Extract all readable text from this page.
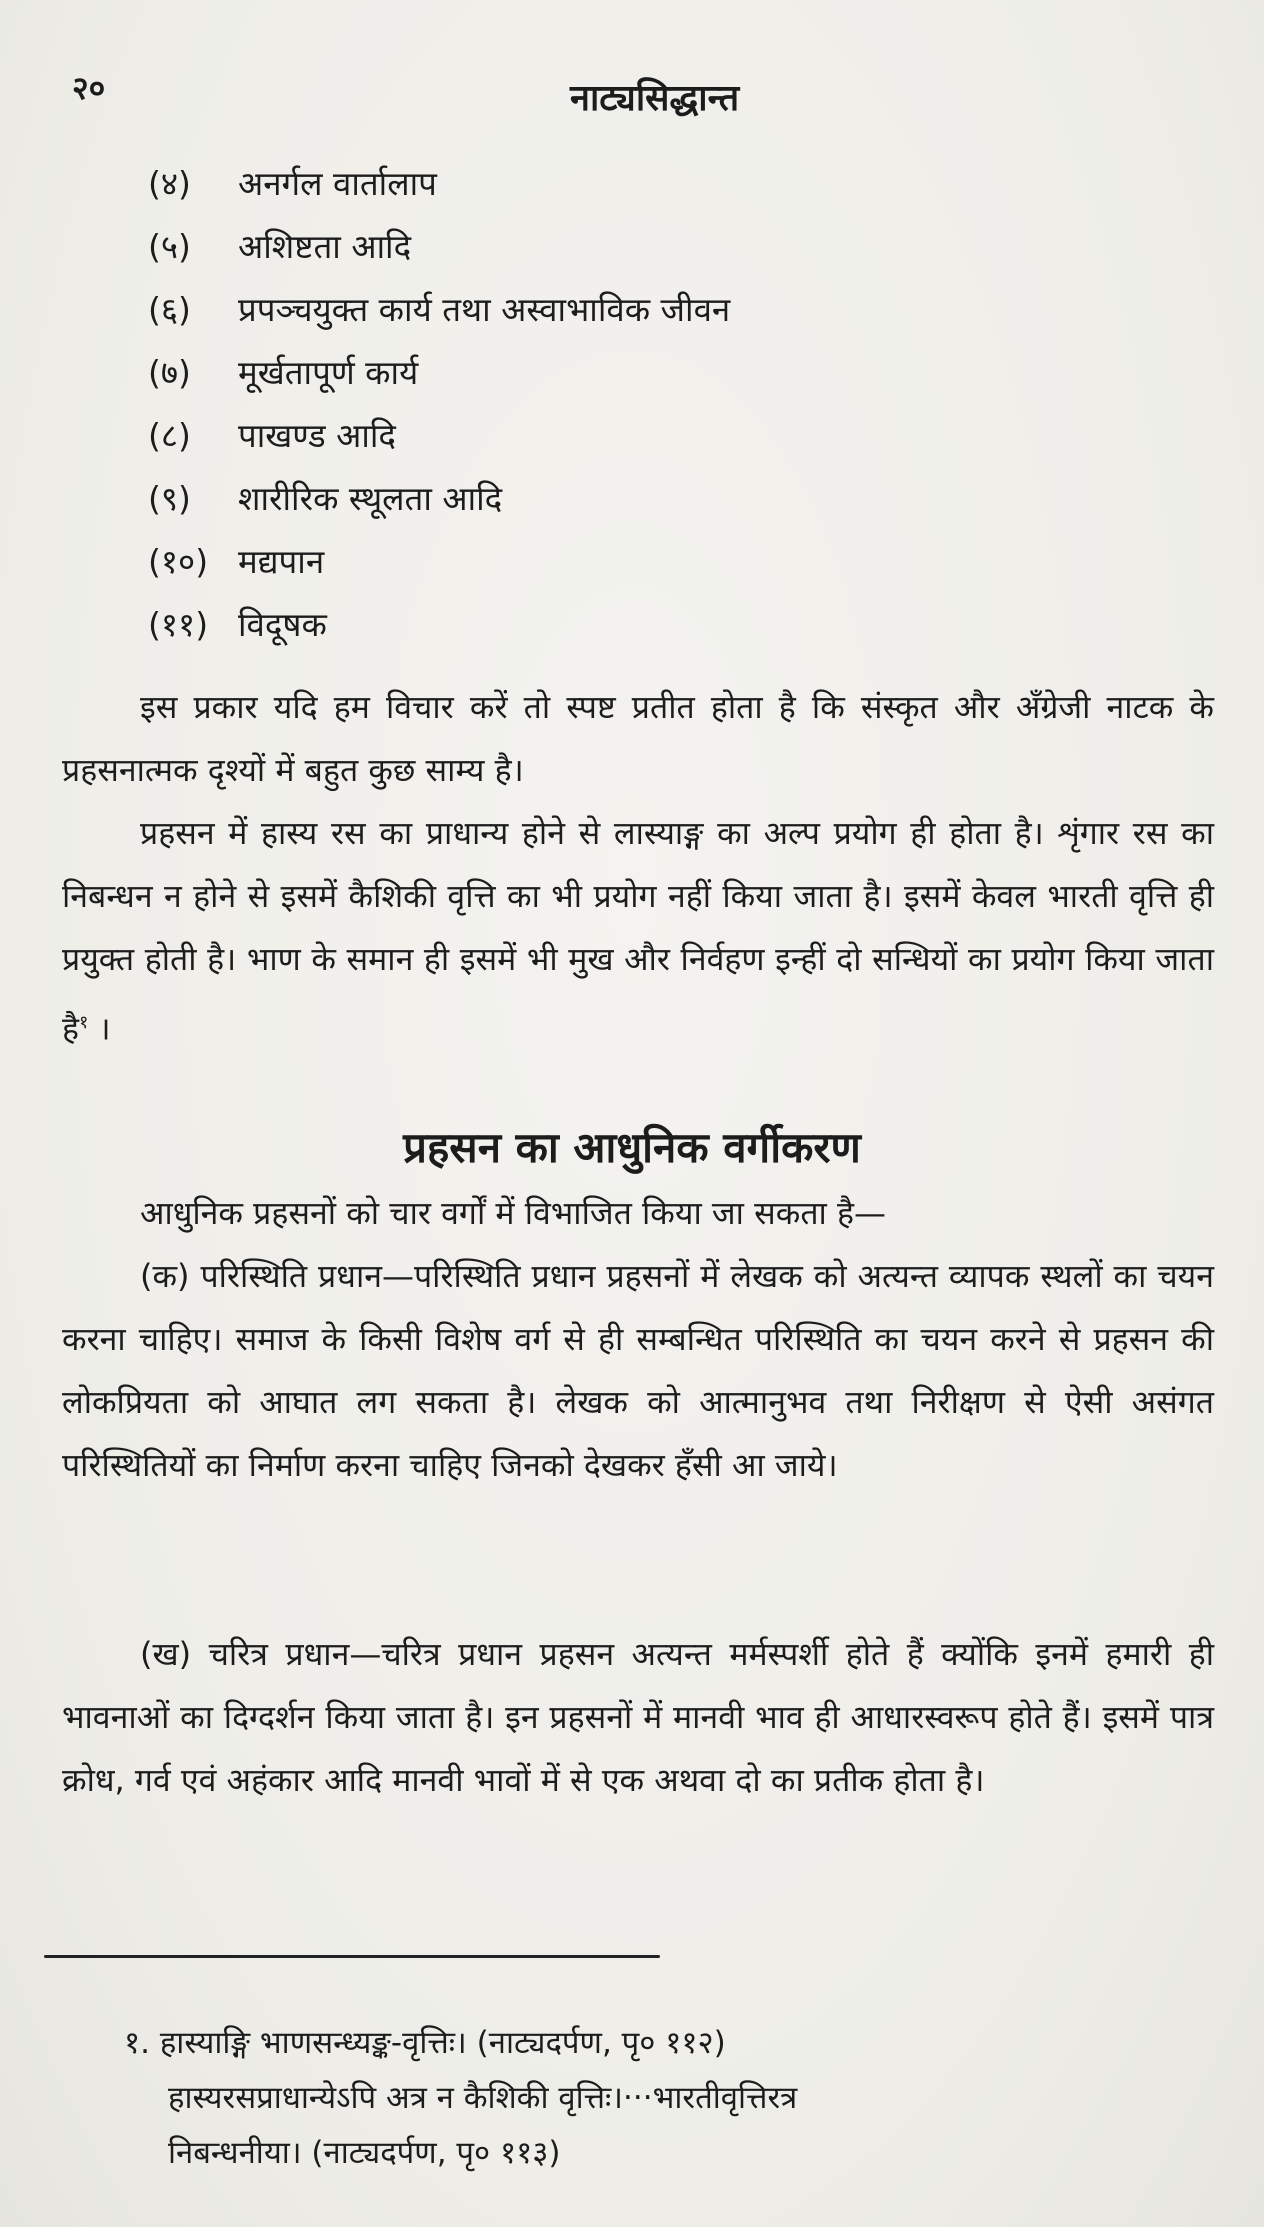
२०	नाट्यसिद्धान्त
(४) अनर्गल वार्तालाप
(५) अशिष्टता आदि
(६) प्रपञ्चयुक्त कार्य तथा अस्वाभाविक जीवन
(७) मूर्खतापूर्ण कार्य
(८) पाखण्ड आदि
(९) शारीरिक स्थूलता आदि
(१०) मद्यपान
(११) विदूषक

इस प्रकार यदि हम विचार करें तो स्पष्ट प्रतीत होता है कि संस्कृत और अँग्रेजी नाटक के प्रहसनात्मक दृश्यों में बहुत कुछ साम्य है।

प्रहसन में हास्य रस का प्राधान्य होने से लास्याङ्ग का अल्प प्रयोग ही होता है। शृंगार रस का निबन्धन न होने से इसमें कैशिकी वृत्ति का भी प्रयोग नहीं किया जाता है। इसमें केवल भारती वृत्ति ही प्रयुक्त होती है। भाण के समान ही इसमें भी मुख और निर्वहण इन्हीं दो सन्धियों का प्रयोग किया जाता है$^१$ ।

प्रहसन का आधुनिक वर्गीकरण

आधुनिक प्रहसनों को चार वर्गों में विभाजित किया जा सकता है—

(क) परिस्थिति प्रधान—परिस्थिति प्रधान प्रहसनों में लेखक को अत्यन्त व्यापक स्थलों का चयन करना चाहिए। समाज के किसी विशेष वर्ग से ही सम्बन्धित परिस्थिति का चयन करने से प्रहसन की लोकप्रियता को आघात लग सकता है। लेखक को आत्मानुभव तथा निरीक्षण से ऐसी असंगत परिस्थितियों का निर्माण करना चाहिए जिनको देखकर हँसी आ जाये।

(ख) चरित्र प्रधान—चरित्र प्रधान प्रहसन अत्यन्त मर्मस्पर्शी होते हैं क्योंकि इनमें हमारी ही भावनाओं का दिग्दर्शन किया जाता है। इन प्रहसनों में मानवी भाव ही आधारस्वरूप होते हैं। इसमें पात्र क्रोध, गर्व एवं अहंकार आदि मानवी भावों में से एक अथवा दो का प्रतीक होता है।

१. हास्याङ्गि भाणसन्ध्यङ्क-वृत्तिः। (नाट्यदर्पण, पृ० ११२)
हास्यरसप्राधान्येऽपि अत्र न कैशिकी वृत्तिः।···भारतीवृत्तिरत्र
निबन्धनीया। (नाट्यदर्पण, पृ० ११३)
